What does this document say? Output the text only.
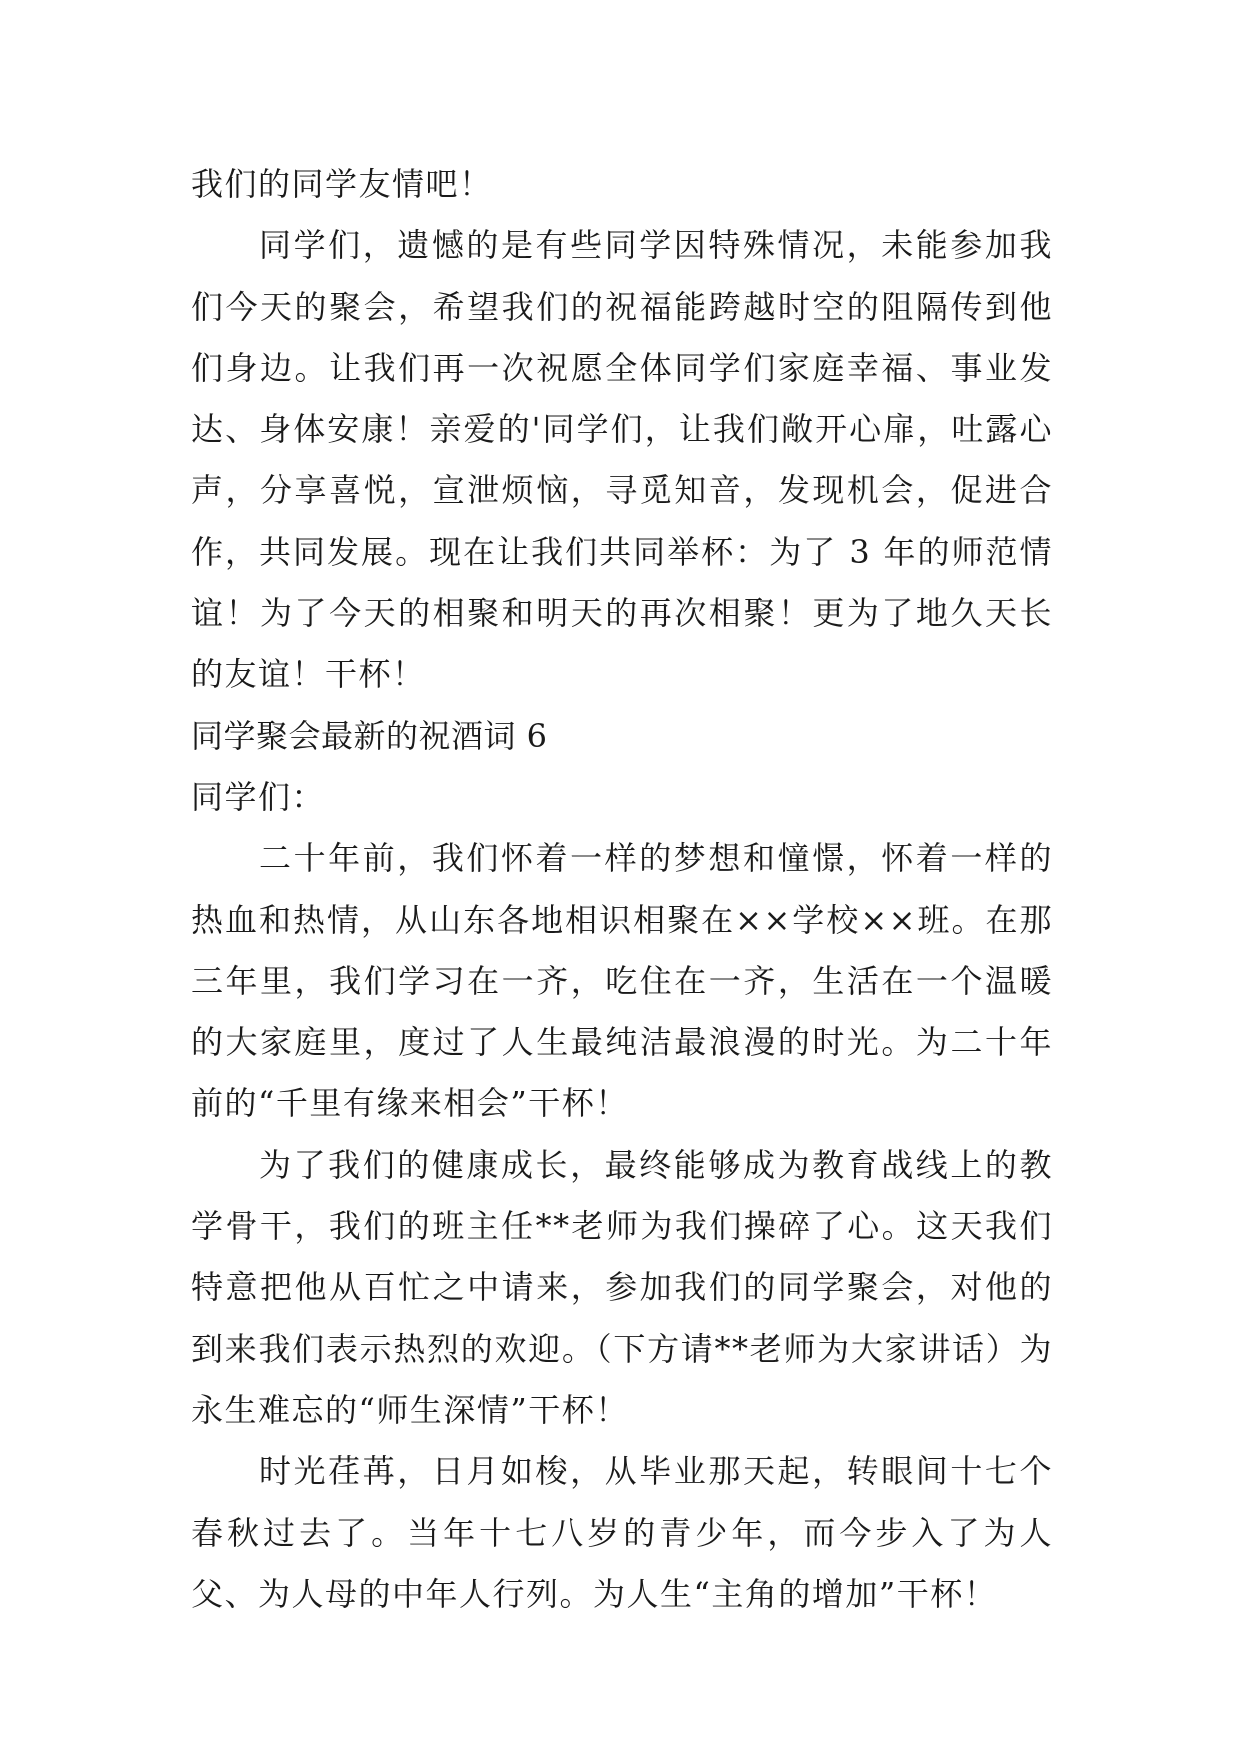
我们的同学友情吧！

同学们，遗憾的是有些同学因特殊情况，未能参加我们今天的聚会，希望我们的祝福能跨越时空的阻隔传到他们身边。让我们再一次祝愿全体同学们家庭幸福、事业发达、身体安康！亲爱的'同学们，让我们敞开心扉，吐露心声，分享喜悦，宣泄烦恼，寻觅知音，发现机会，促进合作，共同发展。现在让我们共同举杯：为了 3 年的师范情谊！为了今天的相聚和明天的再次相聚！更为了地久天长的友谊！干杯！

同学聚会最新的祝酒词 6

同学们：

二十年前，我们怀着一样的梦想和憧憬，怀着一样的热血和热情，从山东各地相识相聚在××学校××班。在那三年里，我们学习在一齐，吃住在一齐，生活在一个温暖的大家庭里，度过了人生最纯洁最浪漫的时光。为二十年前的“千里有缘来相会”干杯！

为了我们的健康成长，最终能够成为教育战线上的教学骨干，我们的班主任**老师为我们操碎了心。这天我们特意把他从百忙之中请来，参加我们的同学聚会，对他的到来我们表示热烈的欢迎。（下方请**老师为大家讲话）为永生难忘的“师生深情”干杯！

时光荏苒，日月如梭，从毕业那天起，转眼间十七个春秋过去了。当年十七八岁的青少年，而今步入了为人父、为人母的中年人行列。为人生“主角的增加”干杯！
